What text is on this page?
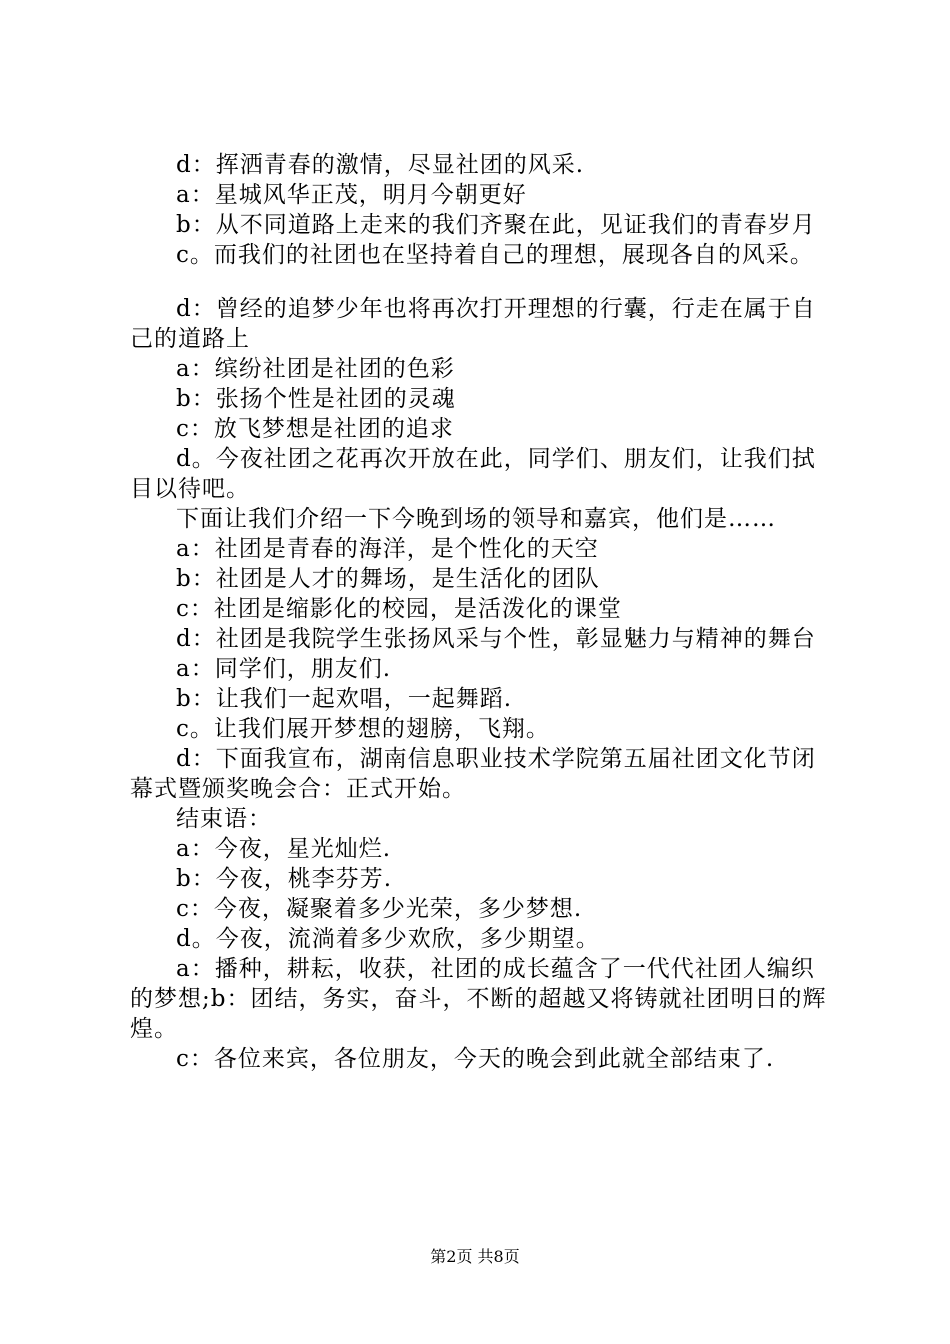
d：挥洒青春的激情，尽显社团的风采.

a：星城风华正茂，明月今朝更好

b：从不同道路上走来的我们齐聚在此，见证我们的青春岁月

c。而我们的社团也在坚持着自己的理想，展现各自的风采。

d：曾经的追梦少年也将再次打开理想的行囊，行走在属于自己的道路上

a：缤纷社团是社团的色彩

b：张扬个性是社团的灵魂

c：放飞梦想是社团的追求

d。今夜社团之花再次开放在此，同学们、朋友们，让我们拭目以待吧。

下面让我们介绍一下今晚到场的领导和嘉宾，他们是……

a：社团是青春的海洋，是个性化的天空

b：社团是人才的舞场，是生活化的团队

c：社团是缩影化的校园，是活泼化的课堂

d：社团是我院学生张扬风采与个性，彰显魅力与精神的舞台

a：同学们，朋友们.

b：让我们一起欢唱，一起舞蹈.

c。让我们展开梦想的翅膀，飞翔。

d：下面我宣布，湖南信息职业技术学院第五届社团文化节闭幕式暨颁奖晚会合：正式开始。

结束语：

a：今夜，星光灿烂.

b：今夜，桃李芬芳.

c：今夜，凝聚着多少光荣，多少梦想.

d。今夜，流淌着多少欢欣，多少期望。

a：播种，耕耘，收获，社团的成长蕴含了一代代社团人编织的梦想;b：团结，务实，奋斗，不断的超越又将铸就社团明日的辉煌。

c：各位来宾，各位朋友，今天的晚会到此就全部结束了.

第2页 共8页
